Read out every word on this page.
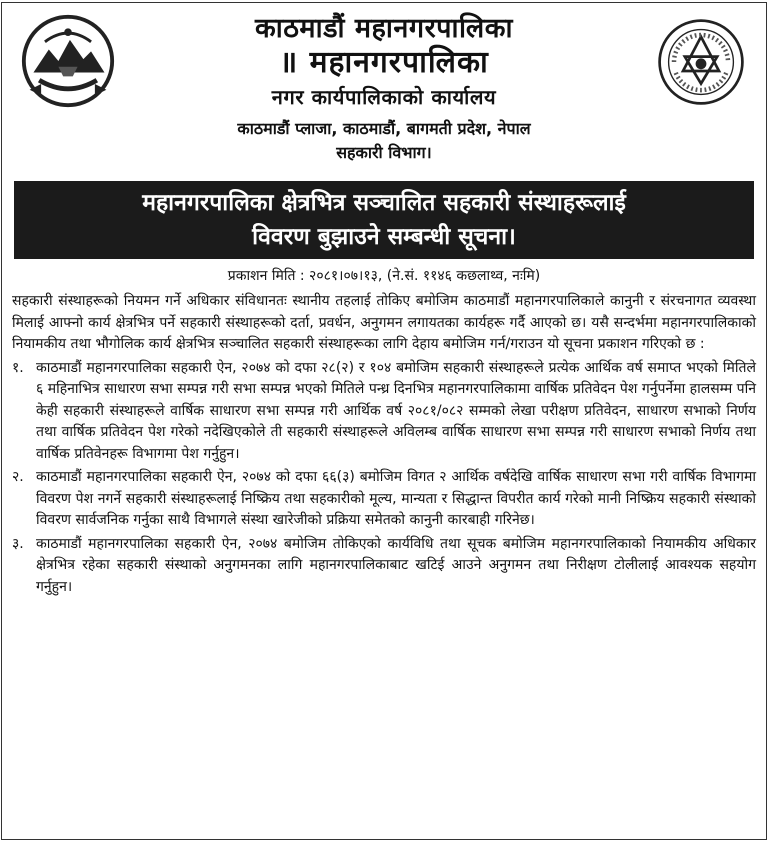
काठमाडौं महानगरपालिका
॥ महानगरपालिका
नगर कार्यपालिकाको कार्यालय
काठमाडौं प्लाजा, काठमाडौं, बागमती प्रदेश, नेपाल
सहकारी विभाग।
महानगरपालिका क्षेत्रभित्र सञ्चालित सहकारी संस्थाहरूलाई
विवरण बुझाउने सम्बन्धी सूचना।
प्रकाशन मिति : २०८१।०७।१३, (ने.सं. ११४६ कछलाथ्व, नःमि)
सहकारी संस्थाहरूको नियमन गर्ने अधिकार संविधानतः स्थानीय तहलाई तोकिए बमोजिम काठमाडौं महानगरपालिकाले कानुनी र संरचनागत व्यवस्था मिलाई आफ्नो कार्य क्षेत्रभित्र पर्ने सहकारी संस्थाहरूको दर्ता, प्रवर्धन, अनुगमन लगायतका कार्यहरू गर्दै आएको छ। यसै सन्दर्भमा महानगरपालिकाको नियामकीय तथा भौगोलिक कार्य क्षेत्रभित्र सञ्चालित सहकारी संस्थाहरूका लागि देहाय बमोजिम गर्न/गराउन यो सूचना प्रकाशन गरिएको छ :
१. काठमाडौं महानगरपालिका सहकारी ऐन, २०७४ को दफा २८(२) र १०४ बमोजिम सहकारी संस्थाहरूले प्रत्येक आर्थिक वर्ष समाप्त भएको मितिले ६ महिनाभित्र साधारण सभा सम्पन्न गरी सभा सम्पन्न भएको मितिले पन्ध्र दिनभित्र महानगरपालिकामा वार्षिक प्रतिवेदन पेश गर्नुपर्नेमा हालसम्म पनि केही सहकारी संस्थाहरूले वार्षिक साधारण सभा सम्पन्न गरी आर्थिक वर्ष २०८१/०८२ सम्मको लेखा परीक्षण प्रतिवेदन, साधारण सभाको निर्णय तथा वार्षिक प्रतिवेदन पेश गरेको नदेखिएकोले ती सहकारी संस्थाहरूले अविलम्ब वार्षिक साधारण सभा सम्पन्न गरी साधारण सभाको निर्णय तथा वार्षिक प्रतिवेनहरू विभागमा पेश गर्नुहुन।
२. काठमाडौं महानगरपालिका सहकारी ऐन, २०७४ को दफा ६६(३) बमोजिम विगत २ आर्थिक वर्षदेखि वार्षिक साधारण सभा गरी वार्षिक विभागमा विवरण पेश नगर्ने सहकारी संस्थाहरूलाई निष्क्रिय तथा सहकारीको मूल्य, मान्यता र सिद्धान्त विपरीत कार्य गरेको मानी निष्क्रिय सहकारी संस्थाको विवरण सार्वजनिक गर्नुका साथै विभागले संस्था खारेजीको प्रक्रिया समेतको कानुनी कारबाही गरिनेछ।
३. काठमाडौं महानगरपालिका सहकारी ऐन, २०७४ बमोजिम तोकिएको कार्यविधि तथा सूचक बमोजिम महानगरपालिकाको नियामकीय अधिकार क्षेत्रभित्र रहेका सहकारी संस्थाको अनुगमनका लागि महानगरपालिकाबाट खटिई आउने अनुगमन तथा निरीक्षण टोलीलाई आवश्यक सहयोग गर्नुहुन।
